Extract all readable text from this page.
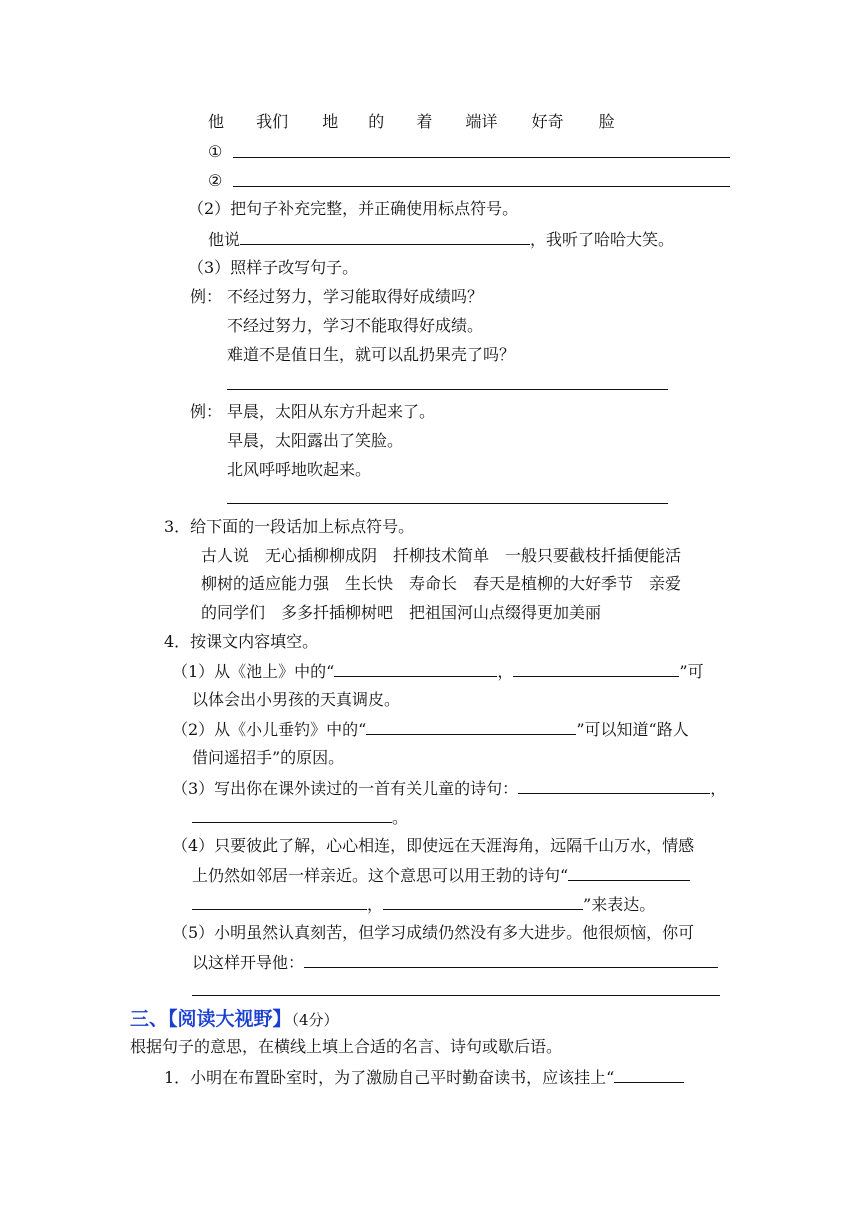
他 我们 地 的 着 端详 好奇 脸
①
②
（2）把句子补充完整，并正确使用标点符号。
他说	，我听了哈哈大笑。
（3）照样子改写句子。
例： 不经过努力，学习能取得好成绩吗？
不经过努力，学习不能取得好成绩。
难道不是值日生，就可以乱扔果壳了吗？
例： 早晨，太阳从东方升起来了。
早晨，太阳露出了笑脸。
北风呼呼地吹起来。
3．给下面的一段话加上标点符号。
古人说　无心插柳柳成阴　扦柳技术简单　一般只要截枝扦插便能活
柳树的适应能力强　生长快　寿命长　春天是植柳的大好季节　亲爱
的同学们　多多扦插柳树吧　把祖国河山点缀得更加美丽
4．按课文内容填空。
（1）从《池上》中的“	，	”可
以体会出小男孩的天真调皮。
（2）从《小儿垂钓》中的“	”可以知道“路人
借问遥招手”的原因。
（3）写出你在课外读过的一首有关儿童的诗句：	，
。
（4）只要彼此了解，心心相连，即使远在天涯海角，远隔千山万水，情感
上仍然如邻居一样亲近。这个意思可以用王勃的诗句“
，	”来表达。
（5）小明虽然认真刻苦，但学习成绩仍然没有多大进步。他很烦恼，你可
以这样开导他：
三、【阅读大视野】（4分）
根据句子的意思，在横线上填上合适的名言、诗句或歇后语。
1．小明在布置卧室时，为了激励自己平时勤奋读书，应该挂上“
